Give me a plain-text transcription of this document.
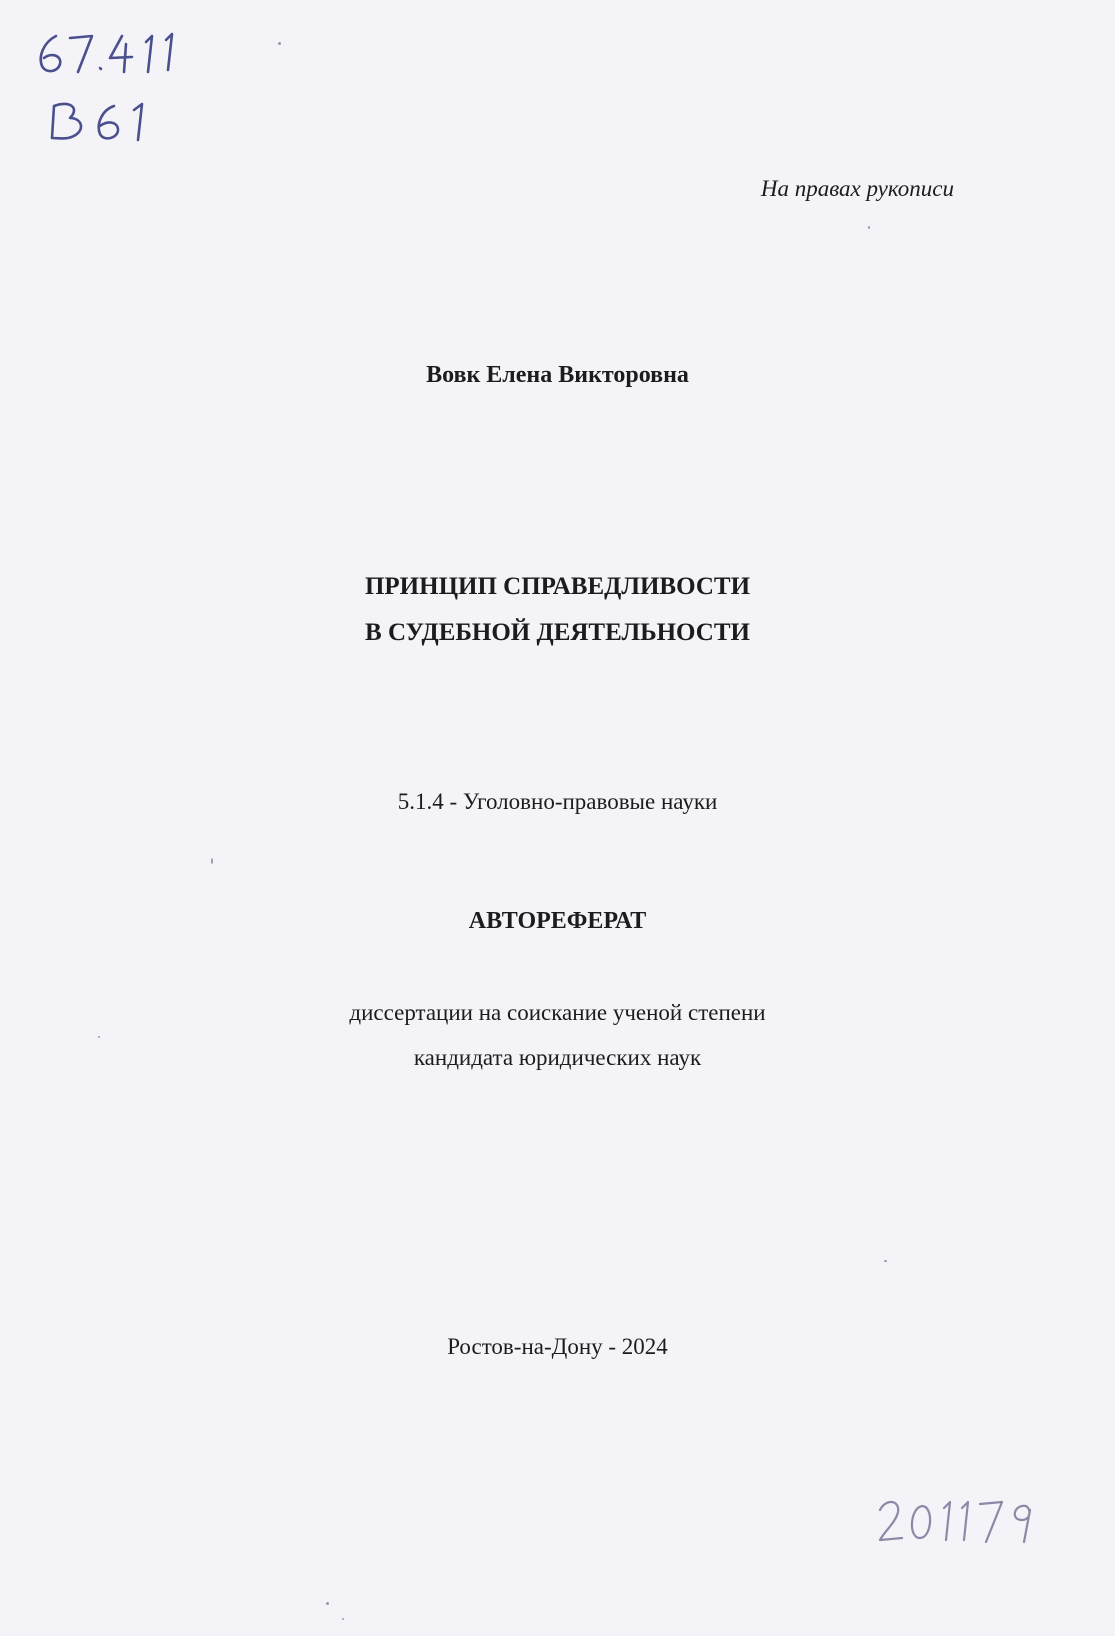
На правах рукописи
Вовк Елена Викторовна
ПРИНЦИП СПРАВЕДЛИВОСТИ
В СУДЕБНОЙ ДЕЯТЕЛЬНОСТИ
5.1.4 - Уголовно-правовые науки
АВТОРЕФЕРАТ
диссертации на соискание ученой степени
кандидата юридических наук
Ростов-на-Дону - 2024
